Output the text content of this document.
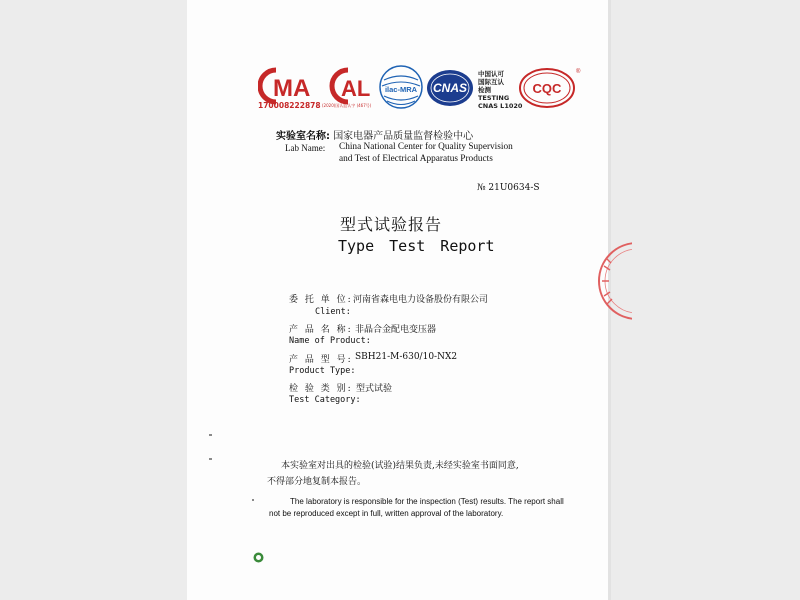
MA
170008222878 (2020)国认监认字 (467号)
AL ilac-MRA CNAS
中国认可
国际互认
检测
TESTING
CNAS L1020
CQC
®
实验室名称: 国家电器产品质量监督检验中心
Lab Name: China National Center for Quality Supervision
and Test of Electrical Apparatus Products
№ 21U0634-S
型式试验报告
Type Test Report
委 托 单 位: 河南省森电电力设备股份有限公司
Client:
产 品 名 称: 非晶合金配电变压器
Name of Product:
产 品 型 号: SBH21-M-630/10-NX2
Product Type:
检 验 类 别: 型式试验
Test Category:
本实验室对出具的检验(试验)结果负责,未经实验室书面同意,
不得部分地复制本报告。
The laboratory is responsible for the inspection (Test) results. The report shall
not be reproduced except in full, written approval of the laboratory.
